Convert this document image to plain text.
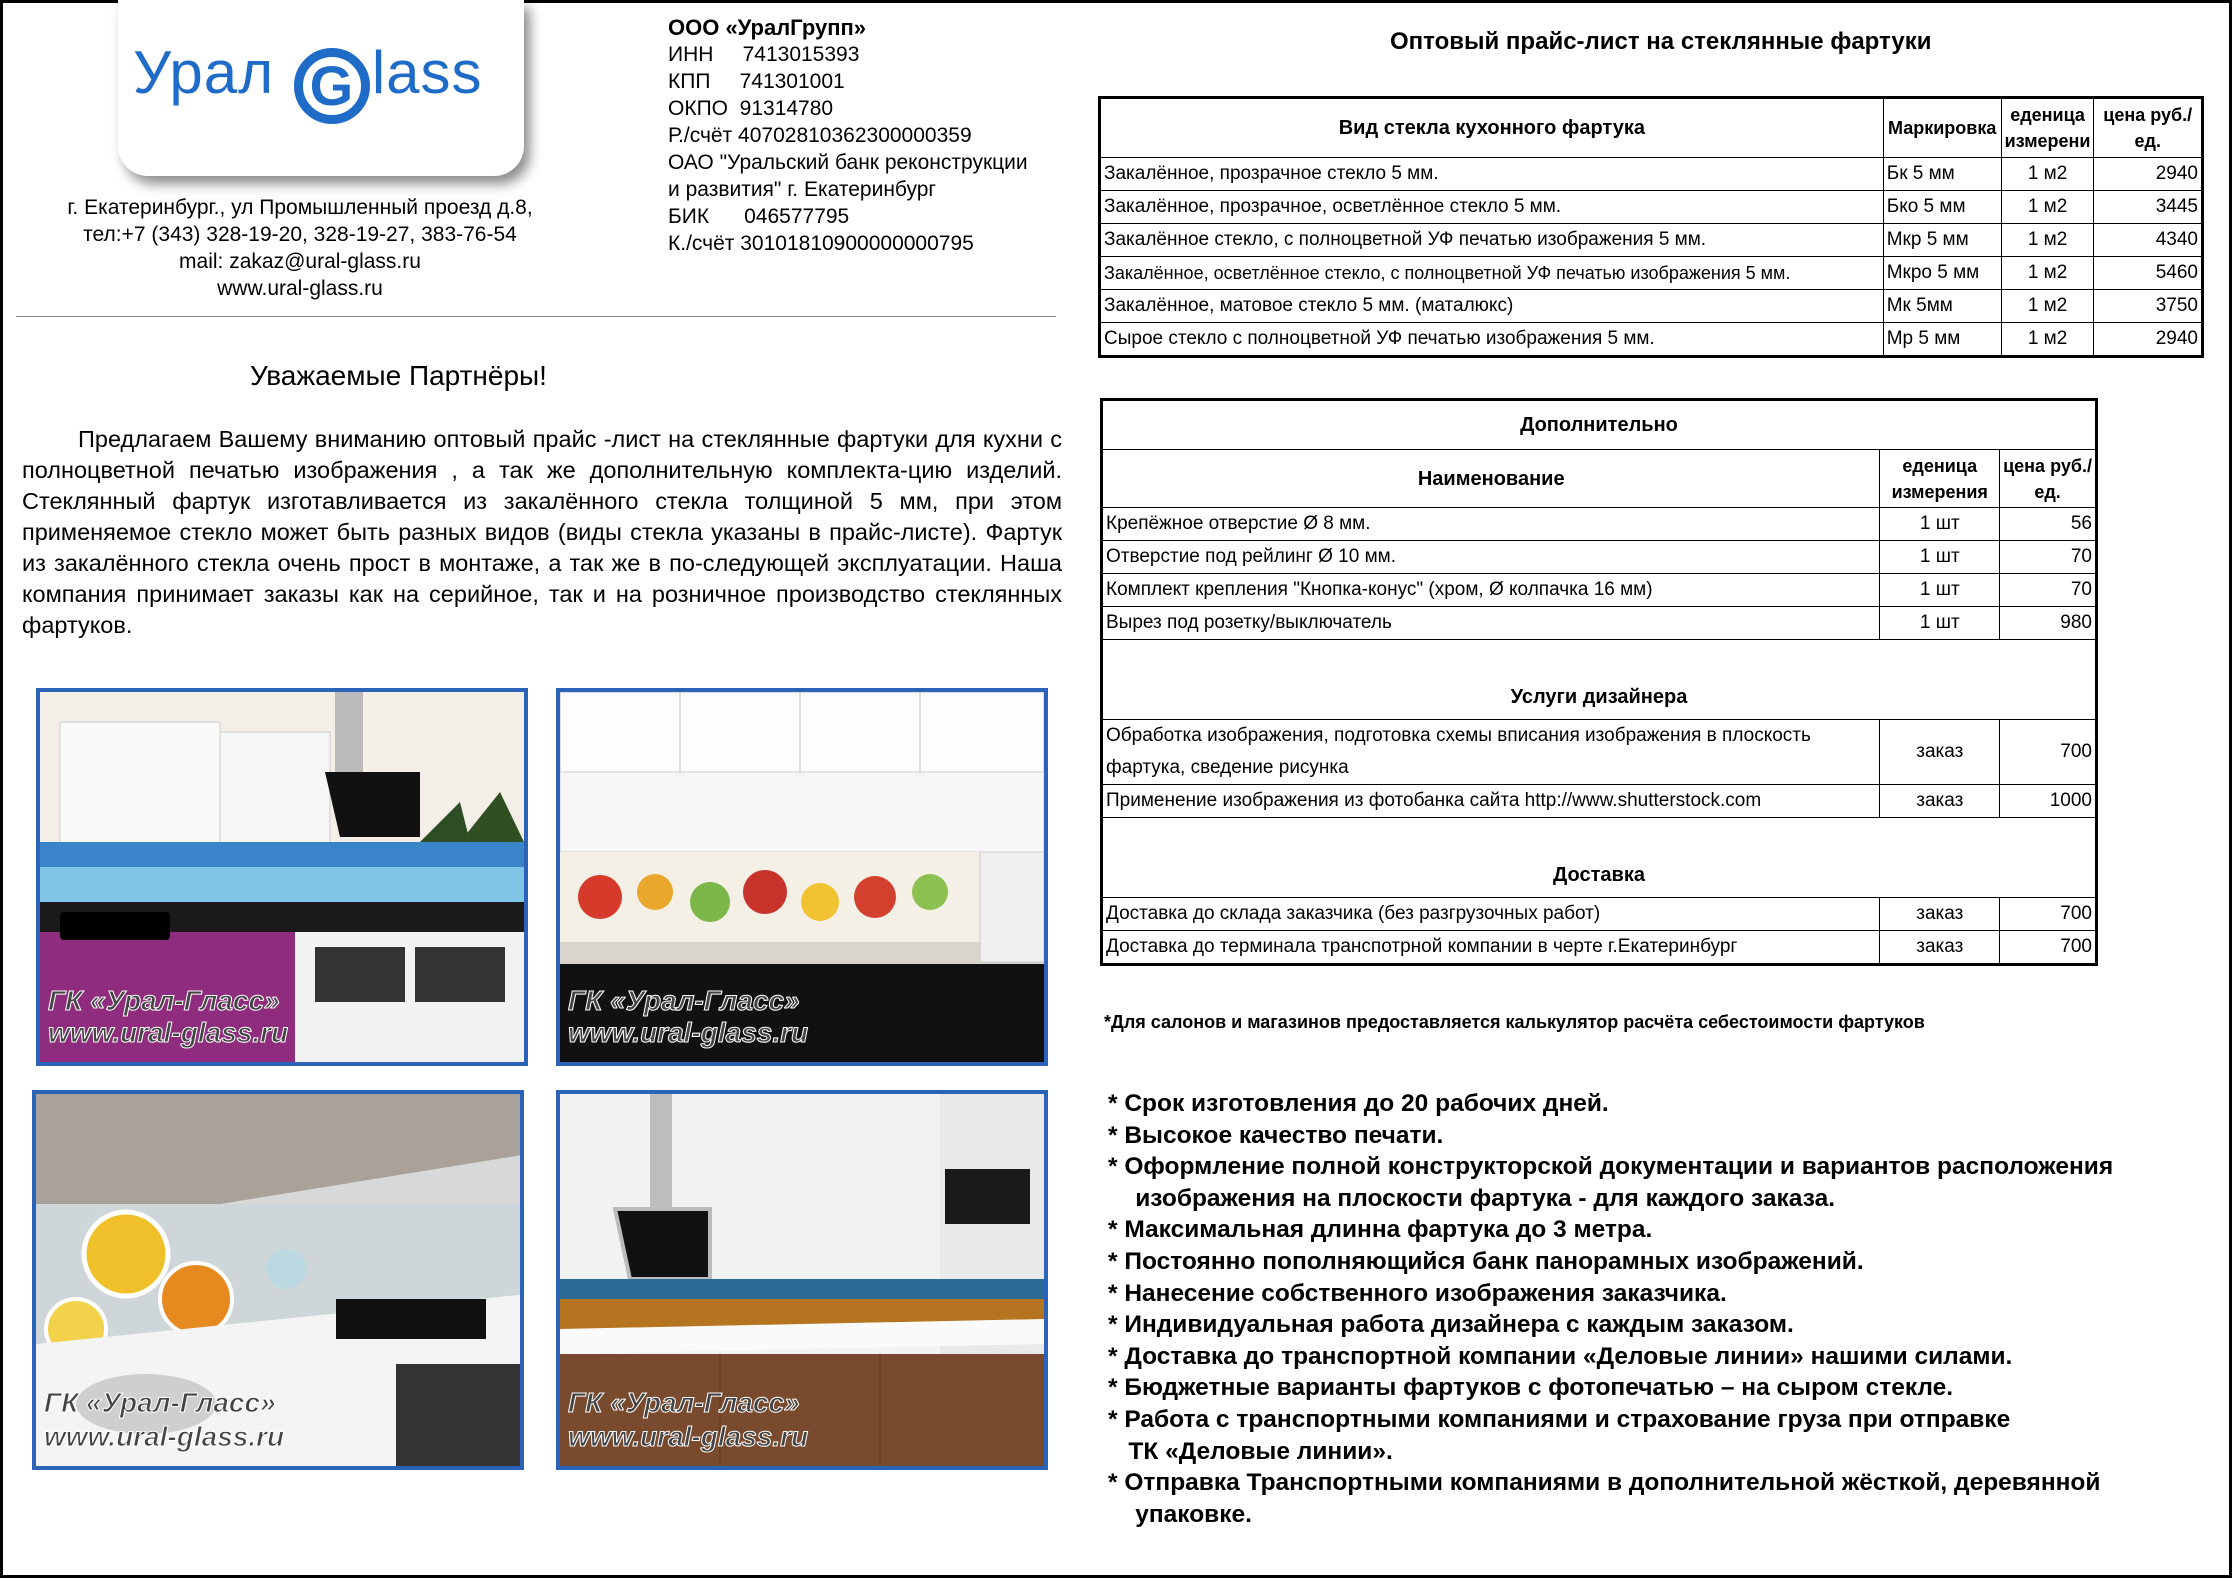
Урал G lass
г. Екатеринбург., ул Промышленный проезд д.8,
тел:+7 (343) 328-19-20, 328-19-27, 383-76-54
mail: zakaz@ural-glass.ru
www.ural-glass.ru
ООО «УралГрупп»
ИНН     7413015393
КПП     741301001
ОКПО  91314780
Р./счёт 40702810362300000359
ОАО "Уральский банк реконструкции
и развития" г. Екатеринбург
БИК      046577795
К./счёт 30101810900000000795
Уважаемые Партнёры!
Предлагаем Вашему вниманию оптовый прайс -лист на стеклянные фартуки для кухни с полноцветной печатью изображения , а так же дополнительную комплекта-цию изделий. Стеклянный фартук изготавливается из закалённого стекла толщиной 5 мм, при этом применяемое стекло может быть разных видов (виды стекла указаны в прайс-листе). Фартук из закалённого стекла очень прост в монтаже, а так же в по-следующей эксплуатации. Наша компания принимает заказы как на серийное, так и на розничное производство стеклянных фартуков.
ГК «Урал-Гласс»
www.ural-glass.ru
ГК «Урал-Гласс»
www.ural-glass.ru
ГК «Урал-Гласс»
www.ural-glass.ru
ГК «Урал-Гласс»
www.ural-glass.ru
Оптовый прайс-лист на стеклянные фартуки
Вид стекла кухонного фартука	Маркировка	еденица измерени	цена руб./ед.
Закалённое, прозрачное стекло 5 мм.	Бк 5 мм	1 м2	2940
Закалённое, прозрачное, осветлённое стекло 5 мм.	Бко 5 мм	1 м2	3445
Закалённое стекло, с полноцветной УФ печатью изображения 5 мм.	Мкр 5 мм	1 м2	4340
Закалённое, осветлённое стекло, с полноцветной УФ печатью изображения 5 мм.	Мкро 5 мм	1 м2	5460
Закалённое, матовое стекло 5 мм. (маталюкс)	Мк 5мм	1 м2	3750
Сырое стекло с полноцветной УФ печатью изображения 5 мм.	Мр 5 мм	1 м2	2940
Дополнительно		
Наименование	еденица измерения	цена руб./ед.
Крепёжное отверстие Ø 8 мм.	1 шт	56
Отверстие под рейлинг Ø 10 мм.	1 шт	70
Комплект крепления "Кнопка-конус" (хром, Ø колпачка 16 мм)	1 шт	70
Вырез под розетку/выключатель	1 шт	980
Услуги дизайнера		

Обработка изображения, подготовка схемы вписания изображения в плоскость
фартука, сведение рисунка	заказ	700
Применение изображения из фотобанка сайта http://www.shutterstock.com	заказ	1000
Доставка		
Доставка до склада заказчика (без разгрузочных работ)	заказ	700
Доставка до терминала транспотрной компании в черте г.Екатеринбург	заказ	700
*Для салонов и магазинов предоставляется калькулятор расчёта себестоимости фартуков
* Срок изготовления до 20 рабочих дней.
* Высокое качество печати.
* Оформление полной конструкторской документации и вариантов расположения
изображения на плоскости фартука - для каждого заказа.
* Максимальная длинна фартука до 3 метра.
* Постоянно пополняющийся банк панорамных изображений.
* Нанесение собственного изображения заказчика.
* Индивидуальная работа дизайнера с каждым заказом.
* Доставка до транспортной компании «Деловые линии» нашими силами.
* Бюджетные варианты фартуков с фотопечатью – на сыром стекле.
* Работа с транспортными компаниями и страхование груза при отправке
ТК «Деловые линии».
* Отправка Транспортными компаниями в дополнительной жёсткой, деревянной
упаковке.
